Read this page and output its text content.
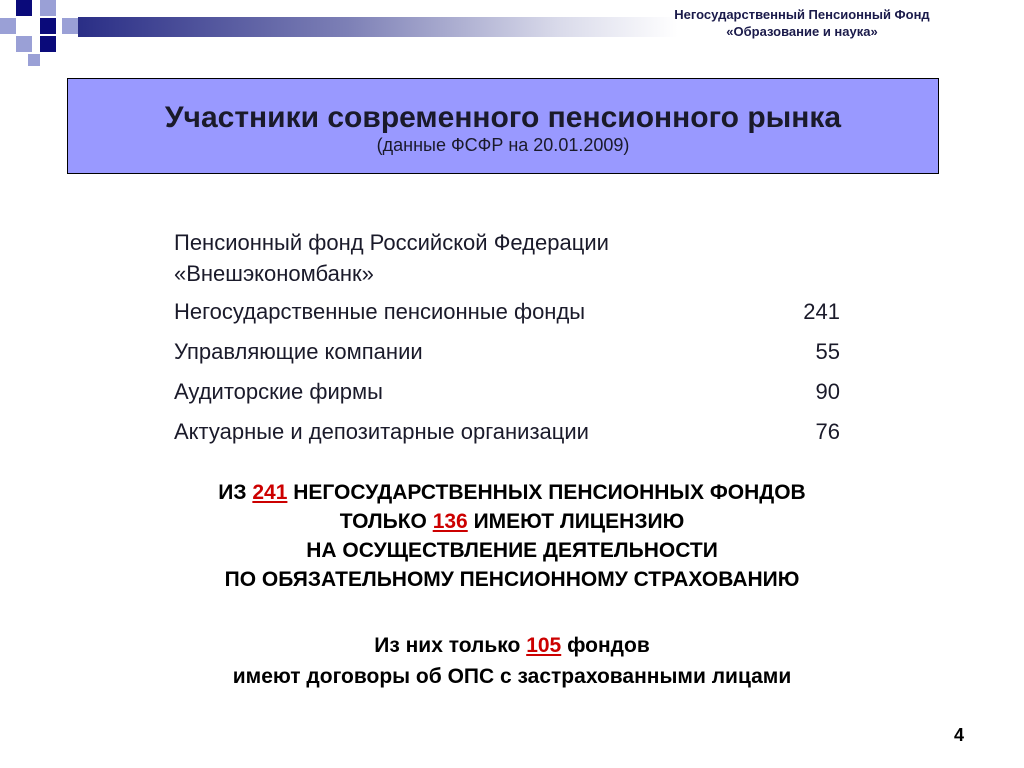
Негосударственный Пенсионный Фонд
«Образование и наука»
Участники современного пенсионного рынка
(данные ФСФР на 20.01.2009)
Пенсионный фонд Российской Федерации
«Внешэкономбанк»
Негосударственные пенсионные фонды	241
Управляющие компании	55
Аудиторские фирмы	90
Актуарные и депозитарные организации	76
ИЗ 241 НЕГОСУДАРСТВЕННЫХ ПЕНСИОННЫХ ФОНДОВ
ТОЛЬКО 136 ИМЕЮТ ЛИЦЕНЗИЮ
НА ОСУЩЕСТВЛЕНИЕ ДЕЯТЕЛЬНОСТИ
ПО ОБЯЗАТЕЛЬНОМУ ПЕНСИОННОМУ СТРАХОВАНИЮ
Из них только 105 фондов
имеют договоры об ОПС с застрахованными лицами
4
